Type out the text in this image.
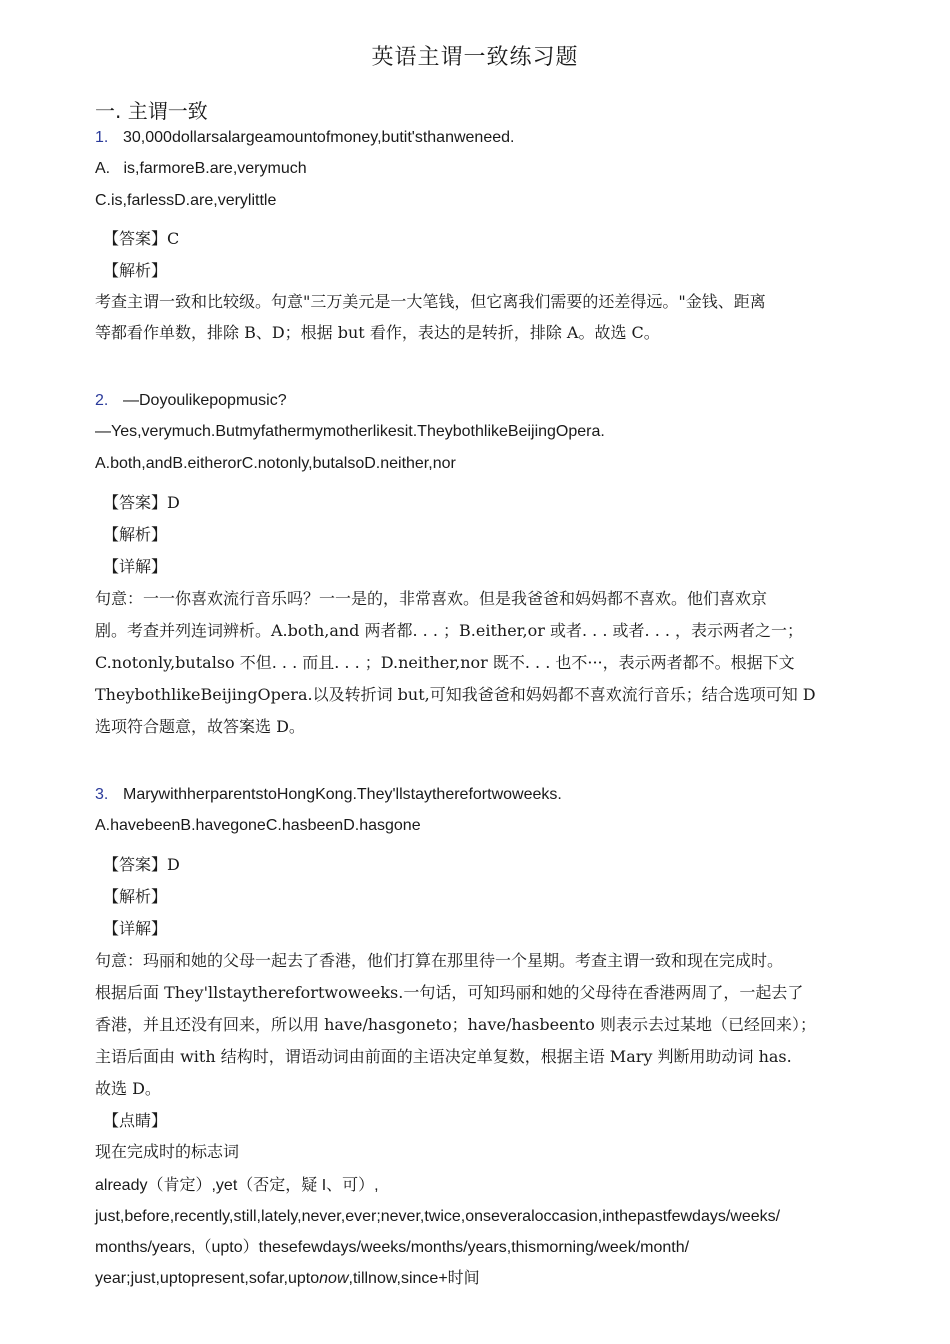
英语主谓一致练习题
一. 主谓一致
1. 30,000dollarsalargeamountofmoney,butit'sthanweneed.
A.   is,farmoreB.are,verymuch
C.is,farlessD.are,verylittle
【答案】C
【解析】
考查主谓一致和比较级。句意"三万美元是一大笔钱，但它离我们需要的还差得远。"金钱、距离
等都看作单数，排除 B、D；根据 but 看作，表达的是转折，排除 A。故选 C。
2. —Doyoulikepopmusic?
—Yes,verymuch.Butmyfathermymotherlikesit.TheybothlikeBeijingOpera.
A.both,andB.eitherorC.notonly,butalsoD.neither,nor
【答案】D
【解析】
【详解】
句意：一一你喜欢流行音乐吗？一一是的，非常喜欢。但是我爸爸和妈妈都不喜欢。他们喜欢京
剧。考查并列连词辨析。A.both,and 两者都. . . ；B.either,or 或者. . . 或者. . . ，表示两者之一；
C.notonly,butalso 不但. . . 而且. . . ；D.neither,nor 既不. . . 也不···，表示两者都不。根据下文
TheybothlikeBeijingOpera.以及转折词 but,可知我爸爸和妈妈都不喜欢流行音乐；结合选项可知 D
选项符合题意，故答案选 D。
3. MarywithherparentstoHongKong.They'llstaytherefortwoweeks.
A.havebeenB.havegoneC.hasbeenD.hasgone
【答案】D
【解析】
【详解】
句意：玛丽和她的父母一起去了香港，他们打算在那里待一个星期。考查主谓一致和现在完成时。
根据后面 They'llstaytherefortwoweeks.一句话，可知玛丽和她的父母待在香港两周了，一起去了
香港，并且还没有回来，所以用 have/hasgoneto；have/hasbeento 则表示去过某地（已经回来）；
主语后面由 with 结构时，谓语动词由前面的主语决定单复数，根据主语 Mary 判断用助动词 has.
故选 D。
【点睛】
现在完成时的标志词
already（肯定）,yet（否定，疑 I、可）,
just,before,recently,still,lately,never,ever;never,twice,onseveraloccasion,inthepastfewdays/weeks/
months/years,（upto）thesefewdays/weeks/months/years,thismorning/week/month/
year;just,uptopresent,sofar,uptonow,tillnow,since+时间
